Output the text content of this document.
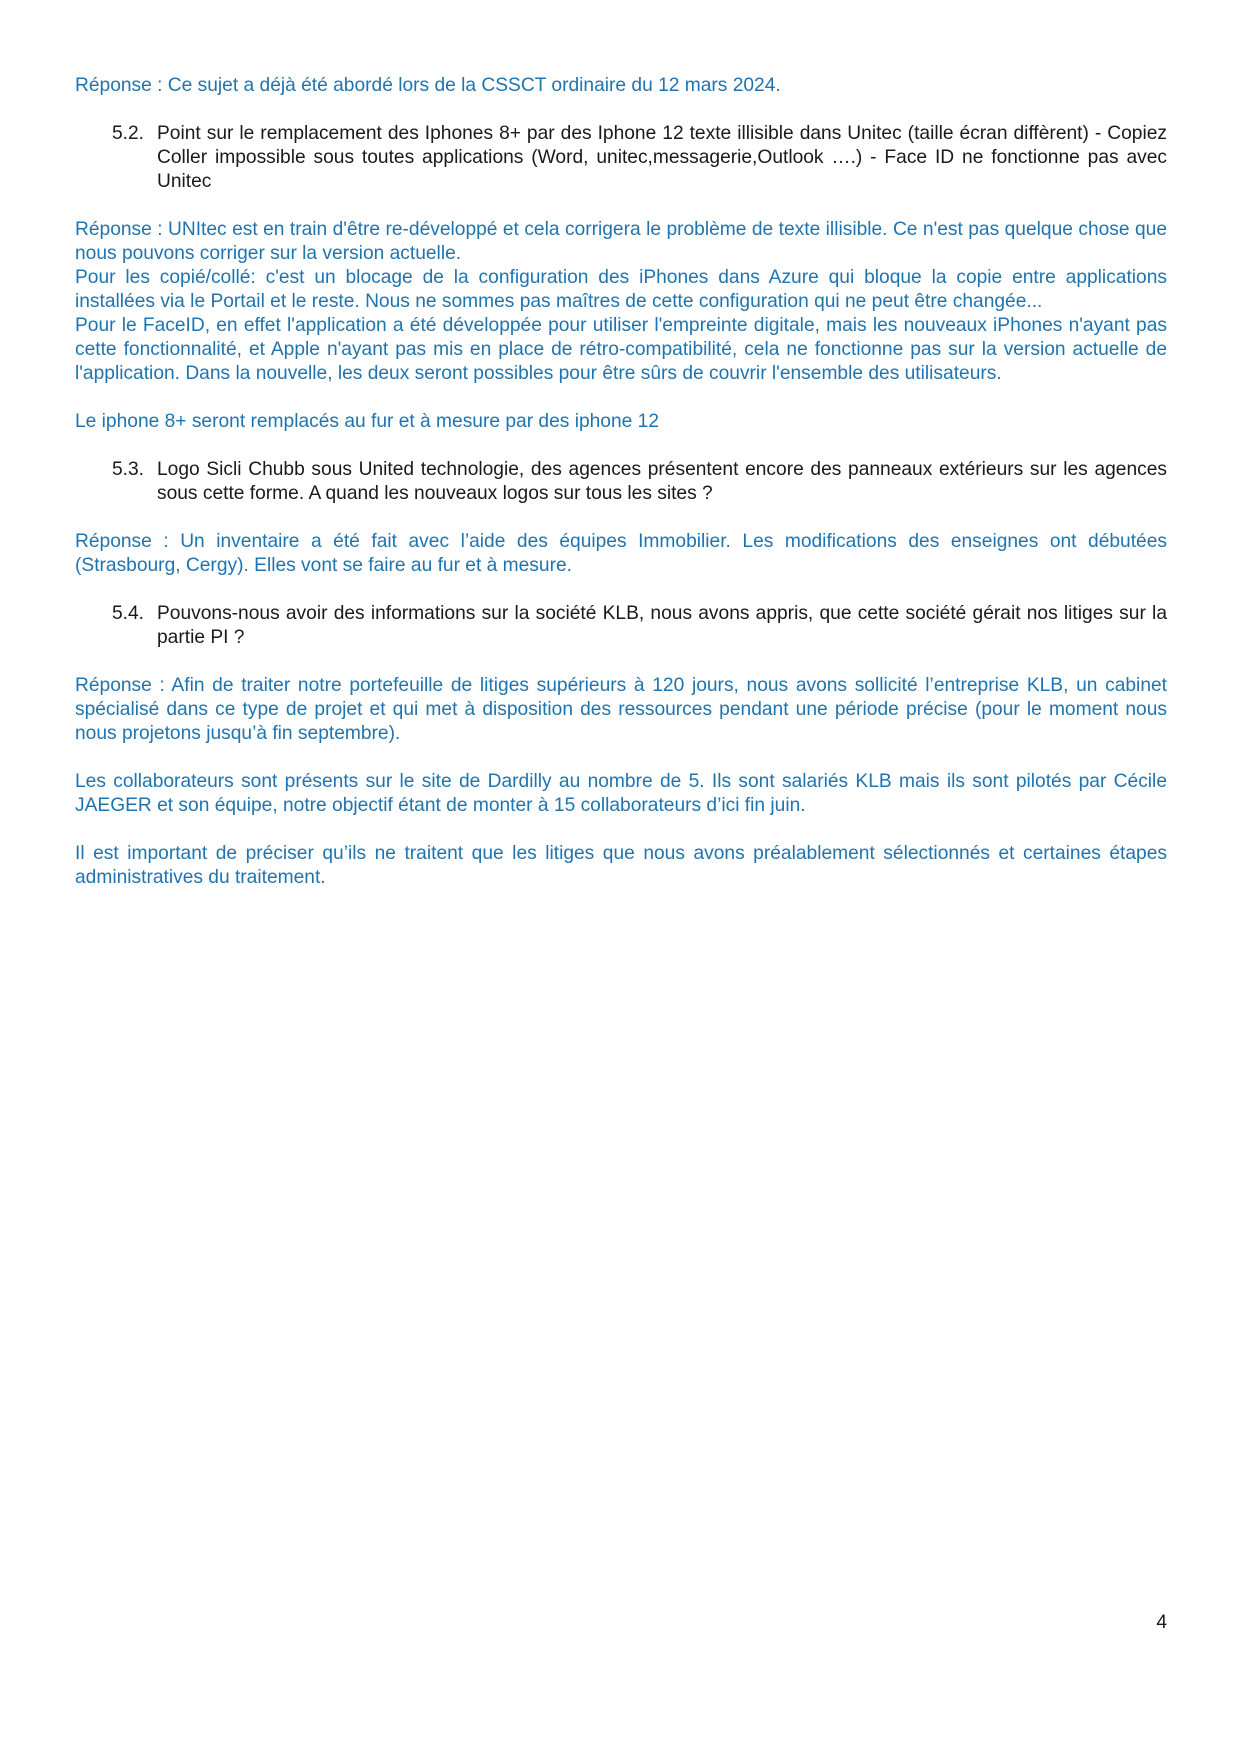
Réponse : Ce sujet a déjà été abordé lors de la CSSCT ordinaire du 12 mars 2024.

5.2. Point sur le remplacement des Iphones 8+ par des Iphone 12 texte illisible dans Unitec (taille écran diffèrent) - Copiez Coller impossible sous toutes applications (Word, unitec,messagerie,Outlook ….) - Face ID ne fonctionne pas avec Unitec

Réponse : UNItec est en train d'être re-développé et cela corrigera le problème de texte illisible. Ce n'est pas quelque chose que nous pouvons corriger sur la version actuelle.

Pour les copié/collé: c'est un blocage de la configuration des iPhones dans Azure qui bloque la copie entre applications installées via le Portail et le reste. Nous ne sommes pas maîtres de cette configuration qui ne peut être changée...

Pour le FaceID, en effet l'application a été développée pour utiliser l'empreinte digitale, mais les nouveaux iPhones n'ayant pas cette fonctionnalité, et Apple n'ayant pas mis en place de rétro-compatibilité, cela ne fonctionne pas sur la version actuelle de l'application. Dans la nouvelle, les deux seront possibles pour être sûrs de couvrir l'ensemble des utilisateurs.

Le iphone 8+ seront remplacés au fur et à mesure par des iphone 12

5.3. Logo Sicli Chubb sous United technologie, des agences présentent encore des panneaux extérieurs sur les agences sous cette forme. A quand les nouveaux logos sur tous les sites ?

Réponse : Un inventaire a été fait avec l’aide des équipes Immobilier. Les modifications des enseignes ont débutées (Strasbourg, Cergy). Elles vont se faire au fur et à mesure.

5.4. Pouvons-nous avoir des informations sur la société KLB, nous avons appris, que cette société gérait nos litiges sur la partie PI ?

Réponse : Afin de traiter notre portefeuille de litiges supérieurs à 120 jours, nous avons sollicité l’entreprise KLB, un cabinet spécialisé dans ce type de projet et qui met à disposition des ressources pendant une période précise (pour le moment nous nous projetons jusqu’à fin septembre).

Les collaborateurs sont présents sur le site de Dardilly au nombre de 5. Ils sont salariés KLB mais ils sont pilotés par Cécile JAEGER et son équipe, notre objectif étant de monter à 15 collaborateurs d’ici fin juin.

Il est important de préciser qu’ils ne traitent que les litiges que nous avons préalablement sélectionnés et certaines étapes administratives du traitement.

4
